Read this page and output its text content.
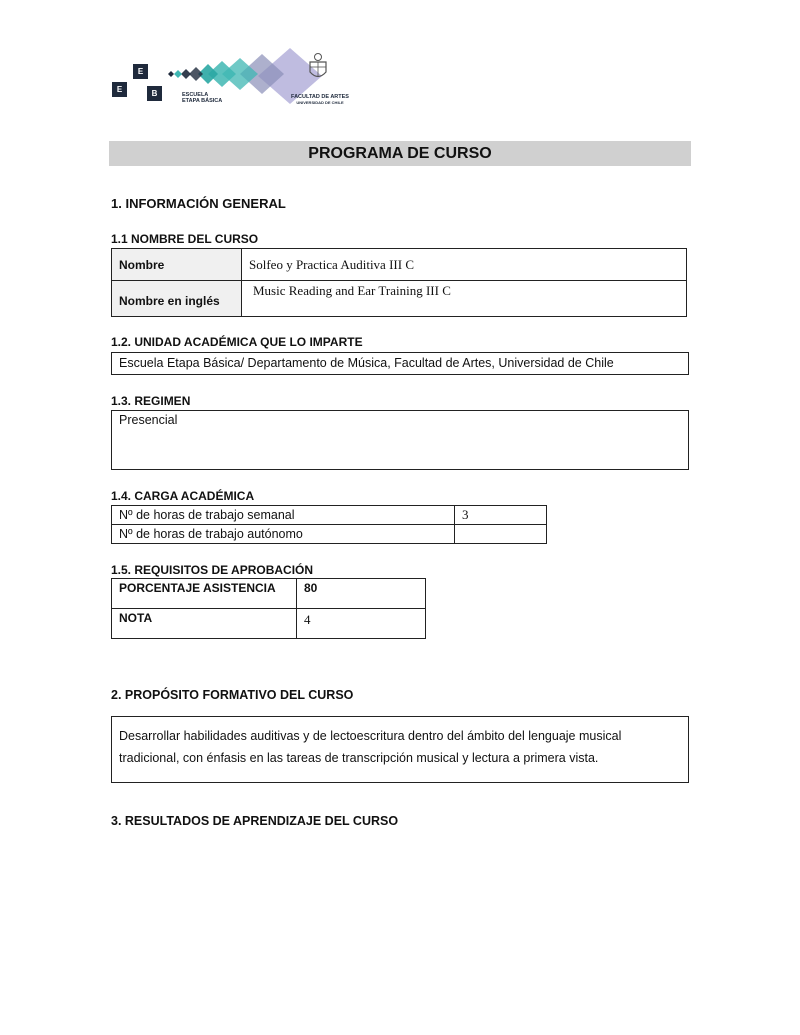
E
E
B	ESCUELA
ETAPA BÁSICA
FACULTAD DE ARTES
UNIVERSIDAD DE CHILE
PROGRAMA DE CURSO
1. INFORMACIÓN GENERAL
1.1 NOMBRE DEL CURSO
Nombre	Solfeo y Practica Auditiva III C
Nombre en inglés	Music Reading and Ear Training III C
1.2. UNIDAD ACADÉMICA QUE LO IMPARTE
Escuela Etapa Básica/ Departamento de Música, Facultad de Artes, Universidad de Chile
1.3. REGIMEN
Presencial
1.4. CARGA ACADÉMICA
Nº de horas de trabajo semanal	3
Nº de horas de trabajo autónomo	
1.5. REQUISITOS DE APROBACIÓN
PORCENTAJE ASISTENCIA	80
NOTA	4
2. PROPÓSITO FORMATIVO DEL CURSO
Desarrollar habilidades auditivas y de lectoescritura dentro del ámbito del lenguaje musical
tradicional, con énfasis en las tareas de transcripción musical y lectura a primera vista.
3. RESULTADOS DE APRENDIZAJE DEL CURSO
